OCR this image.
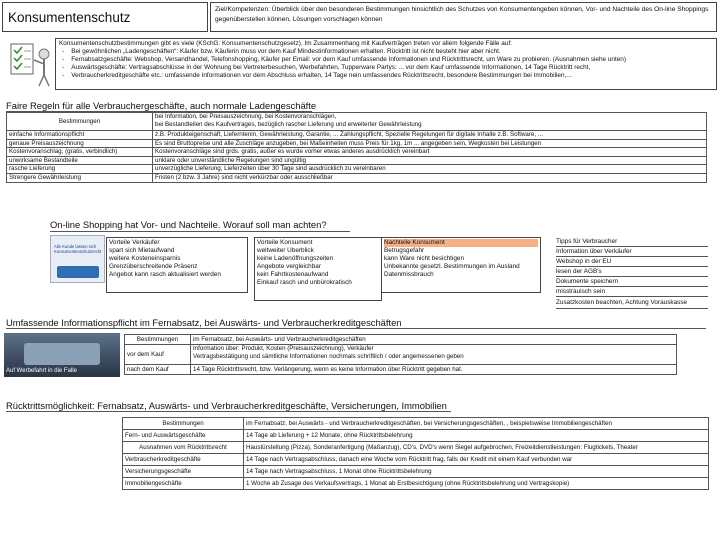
Konsumentenschutz
Ziel/Kompetenzen: Überblick über den besonderen Bestimmungen hinsichtlich des Schutzes von Konsumentengeben können, Vor- und Nachteile des On-line Shoppings gegenüberstellen können, Lösungen vorschlagen können
Konsumentenschutzbestimmungen gibt es viele (KSchG: Konsumentenschutzgesetz). Im Zusammenhang mit Kaufverträgen treten vor allem folgende Fälle auf:
-    Bei gewöhnlichen „Ladengeschäften“: Käufer bzw. Käuferin muss vor dem Kauf Mindestinformationen erhalten. Rücktritt ist nicht besteht hier aber nicht.
-    Fernabsatzgeschäfte: Webshop, Versandhandel, Telefonshopping, Käufer per Email: vor dem Kauf umfassende Informationen und Rücktrittsrecht, um Ware zu probieren. (Ausnahmen siehe unten)
-    Auswärtsgeschäfte: Vertragsabschlüsse in der Wohnung bei Vertreterbesuchen, Werbefahrten, Tupperware Partys: ... vor dem Kauf umfassende Informationen, 14 Tage Rücktritt recht,
-    Verbraucherkreditgeschäfte etc.: umfassende Informationen vor dem Abschluss erhalten, 14 Tage nein umfassendes Rücktrittsrecht, besondere Bestimmungen bei Immobilien,...
Faire Regeln für alle Verbrauchergeschäfte, auch normale Ladengeschäfte
Bestimmungen	bei Information, bei Preisauszeichnung, bei Kostenvoranschlägen,
bei Bestandteilen des Kaufvertrages, bezüglich rascher Lieferung und erweiterter Gewährleistung

einfache Informationspflicht	z.B. Produkteigenschaft, Lieferntenin, Gewährleistung, Garantie, ... Zahlungspflicht, Spezielle Regelungen für digitale Inhalte z.B. Software, ...
genaue Preisauszeichnung	Es sind Bruttopreise und alle Zuschläge anzugeben, bei Maßeinheiten muss Preis für 1kg, 1m ... angegeben sein, Wegkosten bei Leistungen
Kostenvoranschlag, (gratis, verbindlich)	Kostenvoranschläge sind grds. gratis, außer es wurde vorher etwas anderes ausdrücklich vereinbart
unwirksame Bestandteile	unklare oder unverständliche Regelungen sind ungültig
rasche Lieferung	unverzügliche Lieferung, Lieferzeiten über 30 Tage sind ausdrücklich zu vereinbaren
Strengere Gewährleistung	Fristen (2 bzw. 3 Jahre) sind nicht verkürzbar oder ausschließbar
On-line Shopping hat Vor- und Nachteile. Worauf soll man achten?
Alle Kunde lassen sich Konsumentenschutzrecht
Vorteile Verkäufer
spart sich Mietaufwand
weitere Kosteneinsparnis
Grenzüberschreitende Präsenz
Angebot kann rasch aktualisiert werden
Vorteile Konsument
weltweiter Überblick
keine Ladenöffnungszeiten
Angebote vergleichbar
kein Fahrtkostenaufwand
Einkauf rasch und unbürokratisch
Nachteile Konsument
Betrugsgefahr
kann Ware nicht besichtigen
Unbekannte gesetzl. Bestimmungen im Ausland
Datenmissbrauch
Tipps für Verbraucher
Information über Verkäufer
Webshop in der EU
lesen der AGB's
Dokumente speichern
misstrauisch sein
Zusatzkosten beachten, Achtung Vorauskasse
Umfassende Informationspflicht im Fernabsatz, bei Auswärts- und Verbraucherkreditgeschäften
Auf Werbefahrt in die Falle
Bestimmungen	im Fernabsatz, bei Auswärts- und Verbraucherkreditgeschäften
vor dem Kauf	Information über: Produkt, Kosten (Preisauszeichnung), Verkäufer
Vertragsbestätigung und sämtliche Informationen nochmals schriftlich / oder angemessenen geben

nach dem Kauf	14 Tage Rücktrittsrecht, bzw. Verlängerung, wenn es keine Information über Rücktritt gegeben hat.
Rücktrittsmöglichkeit: Fernabsatz, Auswärts- und Verbraucherkreditgeschäfte, Versicherungen, Immobilien
Bestimmungen	im Fernabsatz, bei Auswärts - und Verbraucherkreditgeschäften, bei Versicherungsgeschäften, , beispielsweise Immobiliengeschäften
Fern- und Auswärtsgeschäfte	14 Tage ab Lieferung + 12 Monate, ohne Rücktrittsbelehrung
Ausnahmen vom Rücktrittsrecht	Haustürstellung (Pizza), Sonderanfertigung (Maßanzug), CD's, DVD's wenn Siegel aufgebrochen, Freizeitdienstleistungen: Flugtickets, Theater
Verbraucherkreditgeschäfte	14 Tage nach Vertragsabschluss, danach eine Woche vom Rücktritt frag, falls der Kredit mit einem Kauf verbunden war
Versicherungsgeschäfte	14 Tage nach Vertragsabschluss, 1 Monat ohne Rücktrittsbelehrung
Immobiliengeschäfte	1 Woche ab Zusage des Verkaufsvertrags, 1 Monat ab Erstbesichtigung (ohne Rücktrittsbelehrung und Vertragskopie)
